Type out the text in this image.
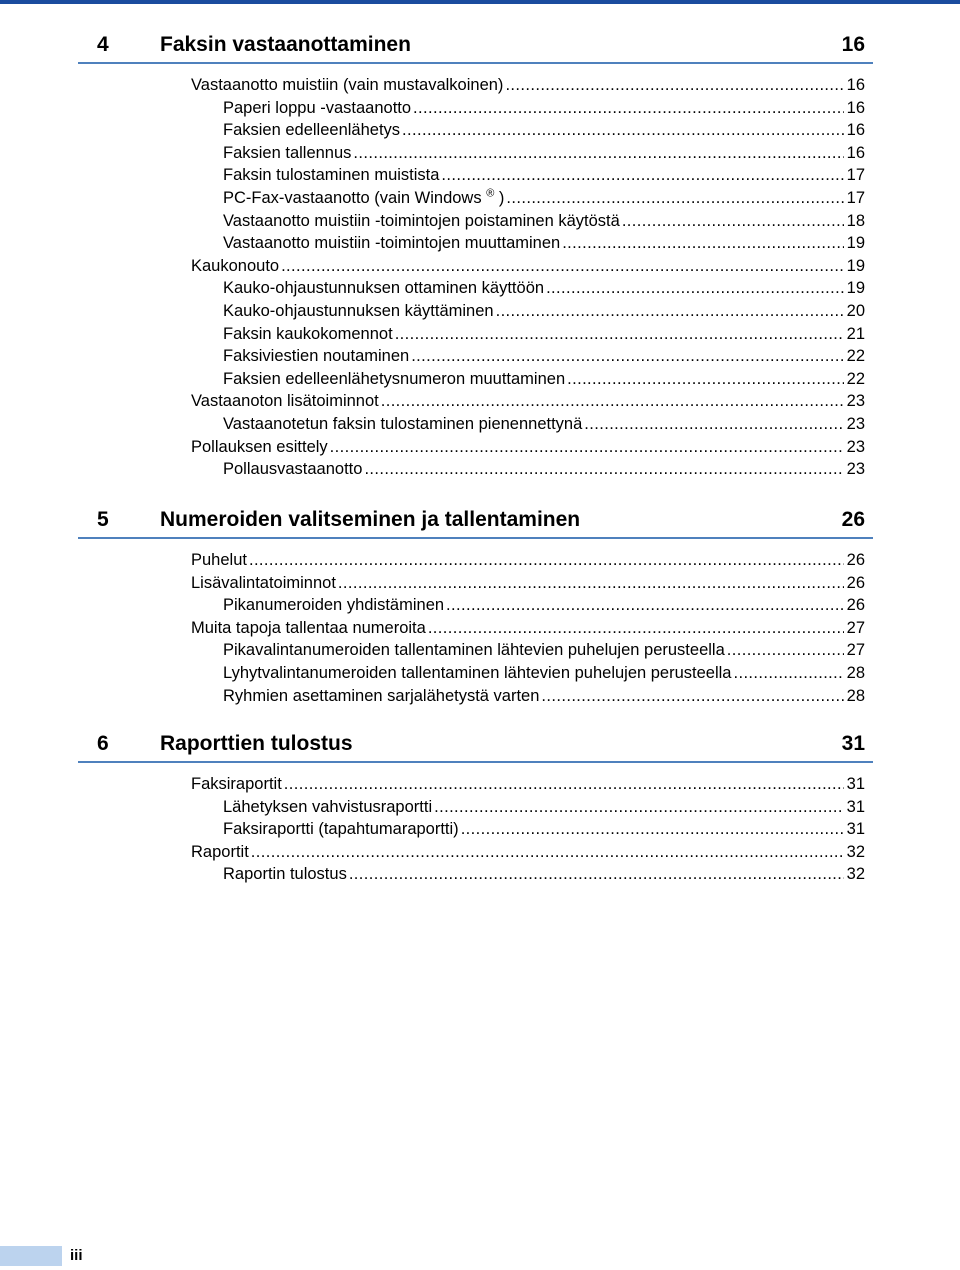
4 Faksin vastaanottaminen	16
Vastaanotto muistiin (vain mustavalkoinen) .....	16
Paperi loppu -vastaanotto .....	16
Faksien edelleenlähetys .....	16
Faksien tallennus .....	16
Faksin tulostaminen muistista .....	17
PC-Fax-vastaanotto (vain Windows ® ) .....	17
Vastaanotto muistiin -toimintojen poistaminen käytöstä .....	18
Vastaanotto muistiin -toimintojen muuttaminen .....	19
Kaukonouto .....	19
Kauko-ohjaustunnuksen ottaminen käyttöön .....	19
Kauko-ohjaustunnuksen käyttäminen .....	20
Faksin kaukokomennot .....	21
Faksiviestien noutaminen .....	22
Faksien edelleenlähetysnumeron muuttaminen .....	22
Vastaanoton lisätoiminnot .....	23
Vastaanotetun faksin tulostaminen pienennettynä .....	23
Pollauksen esittely .....	23
Pollausvastaanotto .....	23
5 Numeroiden valitseminen ja tallentaminen	26
Puhelut .....	26
Lisävalintatoiminnot .....	26
Pikanumeroiden yhdistäminen .....	26
Muita tapoja tallentaa numeroita .....	27
Pikavalintanumeroiden tallentaminen lähtevien puhelujen perusteella .....	27
Lyhytvalintanumeroiden tallentaminen lähtevien puhelujen perusteella .....	28
Ryhmien asettaminen sarjalähetystä varten .....	28
6 Raporttien tulostus	31
Faksiraportit .....	31
Lähetyksen vahvistusraportti .....	31
Faksiraportti (tapahtumaraportti) .....	31
Raportit .....	32
Raportin tulostus .....	32
iii
